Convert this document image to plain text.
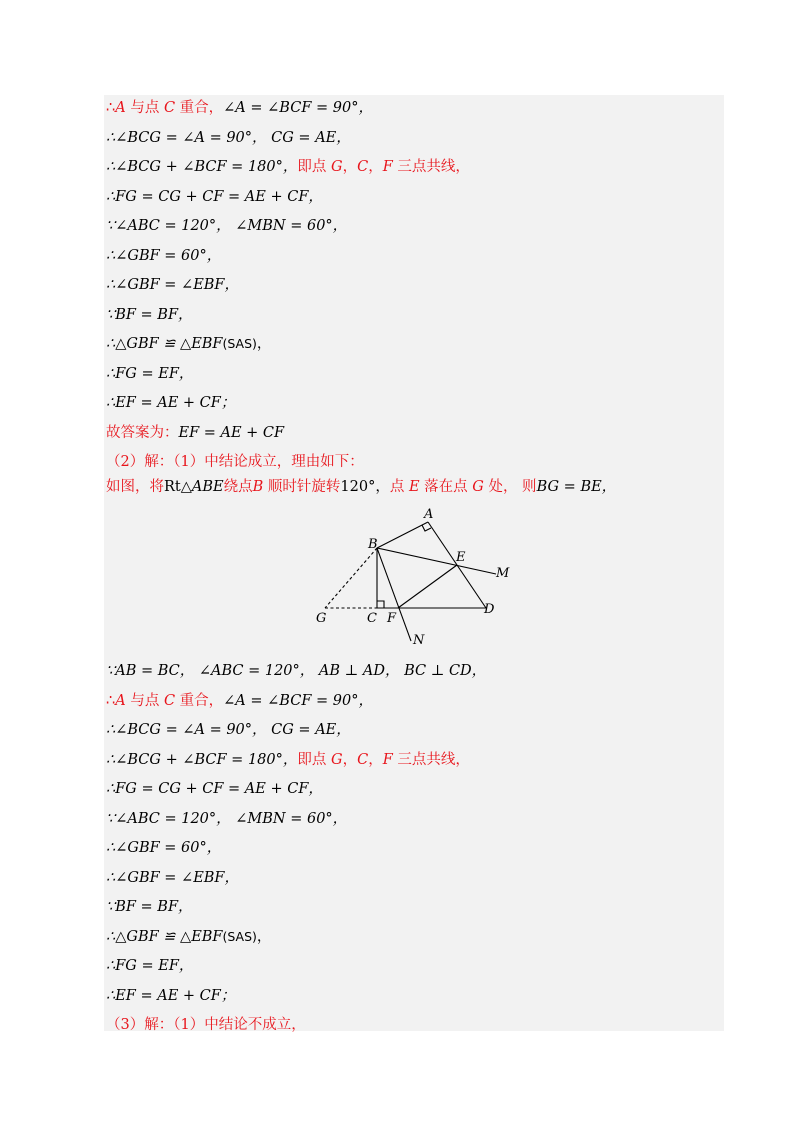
∴A 与点 C 重合，∠A = ∠BCF = 90°，
∴∠BCG = ∠A = 90°， CG = AE，
∴∠BCG + ∠BCF = 180°，即点 G，C，F 三点共线，
∴FG = CG + CF = AE + CF，
∵∠ABC = 120°， ∠MBN = 60°，
∴∠GBF = 60°，
∴∠GBF = ∠EBF，
∵BF = BF，
∴△GBF ≌ △EBF(SAS)，
∴FG = EF，
∴EF = AE + CF；
故答案为：EF = AE + CF
（2）解：（1）中结论成立，理由如下：
如图，将Rt△ABE绕点B 顺时针旋转120°，点 E 落在点 G 处， 则BG = BE，
∵AB = BC， ∠ABC = 120°， AB ⊥ AD， BC ⊥ CD，
∴A 与点 C 重合，∠A = ∠BCF = 90°，
∴∠BCG = ∠A = 90°， CG = AE，
∴∠BCG + ∠BCF = 180°，即点 G，C，F 三点共线，
∴FG = CG + CF = AE + CF，
∵∠ABC = 120°， ∠MBN = 60°，
∴∠GBF = 60°，
∴∠GBF = ∠EBF，
∵BF = BF，
∴△GBF ≌ △EBF(SAS)，
∴FG = EF，
∴EF = AE + CF；
（3）解：（1）中结论不成立，
A
B
E
M
D
G	C F
N
